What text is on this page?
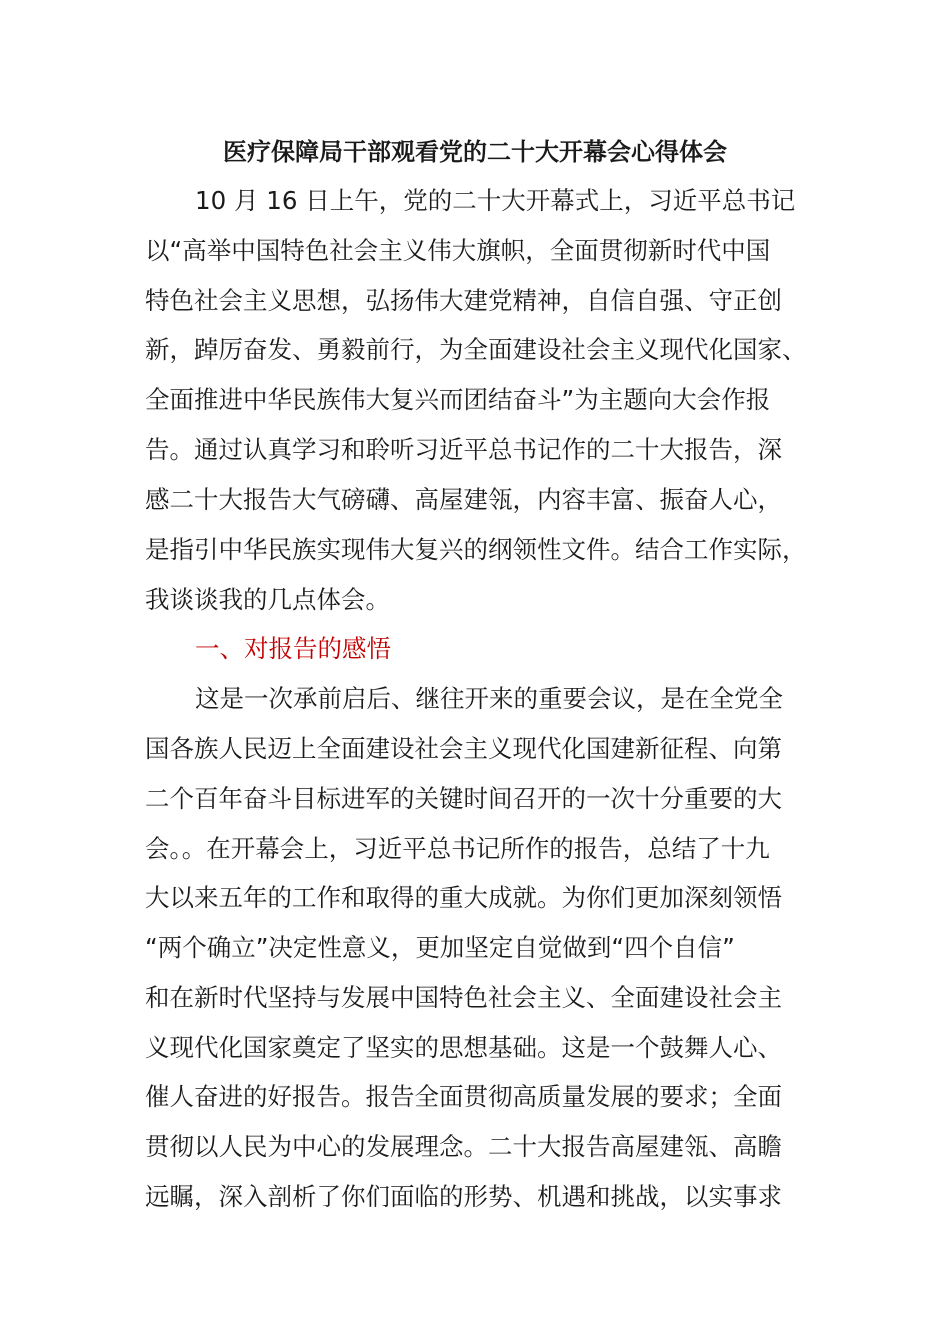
医疗保障局干部观看党的二十大开幕会心得体会
10 月 16 日上午，党的二十大开幕式上，习近平总书记
以“高举中国特色社会主义伟大旗帜，全面贯彻新时代中国
特色社会主义思想，弘扬伟大建党精神，自信自强、守正创
新，踔厉奋发、勇毅前行，为全面建设社会主义现代化国家、
全面推进中华民族伟大复兴而团结奋斗”为主题向大会作报
告。通过认真学习和聆听习近平总书记作的二十大报告，深
感二十大报告大气磅礴、高屋建瓴，内容丰富、振奋人心，
是指引中华民族实现伟大复兴的纲领性文件。结合工作实际，
我谈谈我的几点体会。
一、对报告的感悟
这是一次承前启后、继往开来的重要会议，是在全党全
国各族人民迈上全面建设社会主义现代化国建新征程、向第
二个百年奋斗目标进军的关键时间召开的一次十分重要的大
会。。在开幕会上，习近平总书记所作的报告，总结了十九
大以来五年的工作和取得的重大成就。为你们更加深刻领悟
“两个确立”决定性意义，更加坚定自觉做到“四个自信”
和在新时代坚持与发展中国特色社会主义、全面建设社会主
义现代化国家奠定了坚实的思想基础。这是一个鼓舞人心、
催人奋进的好报告。报告全面贯彻高质量发展的要求；全面
贯彻以人民为中心的发展理念。二十大报告高屋建瓴、高瞻
远瞩，深入剖析了你们面临的形势、机遇和挑战，以实事求
